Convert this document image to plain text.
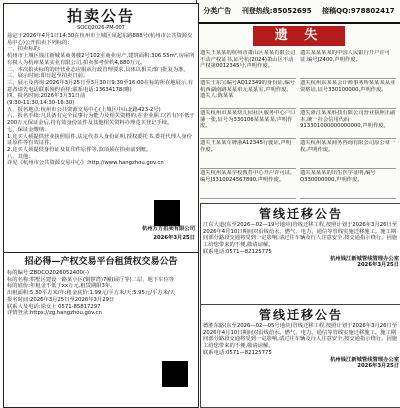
拍卖公告
SOCQ2026-PM-007

兹定于2026年4月1日14:30在杭州市上城区凤起东路888号(杭州市公共资源交易中心)公开拍卖下列标的:

一、拍卖标的:

杭州市上城区钱江新城某商务楼2号102室商业房产,建筑面积:306.55m²,房屋所有权人为杭州某某实业有限公司,拍卖参考价约4,880万元。

二、本次拍卖标的的经营业态应服从行政管理要求,具体以相关部门批复为准。

三、展示时间:即日起至拍卖日前。

三、展示及咨询:2026年3月25日至3月30日9:30至16:00在标的所在地展示,有意者请先电话联系预约看样;联系电话:13634178(略)

四、报名时间:2026年3月31日前

(9:30-11:30,14:30-16:30)

五、报名地点:杭州市公共资源交易中心(上城区中山北路423-2号)

六、报名手续:凡具备有完全民事行为能力及相关资格的,在企业职工(若有)不低于200万元保证金后,持有效身份证件及其他相关资料办理竞买登记手续。

七、保证金缴纳:

1.竞买人须提供营业执照原件,法定代表人身份证明,授权委托书,委托代理人身份证原件等有效证件。

2.竞买人须提供身份证及复印件原件等,款项须在拍卖前到账。

八、其他:

详见《杭州市公共资源交易中心》:http://www.hangzhou.gov.cn

杭州万方拍卖有限公司
2026年3月25日
招必得—产权交易平台租赁权交易公告
标的编号:ZBDCQ2026052400(-)

标的名称:拱墅区建设一路某小区(铜锣湾)7幢(展厅等)二层、地下车位等

标的底价:年租金不低于xx万元,租赁期限3年。

出租面积:5.30平方米/年;租金底价:1.99元/平方米/天;5.95元/平方米/天

报名时间:2026年3月25日至2026年3月29日

联系人及电话:徐女士 0571-85817297

详情登录:https://zg.hangzhou.gov.cn

分类广告 刊登热线:85052695 接稿QQ:978802417
遗 失
遗失王某某的杭州市萧山区某某有限公司不动产权证书,证号杭(2024)萧山区不动产权第0012345号,声明作废。
遗失王东宝编号AQ12349的身份证,编号杭西湖南路某某单元某某室,声明作废。遗失人:陈某某
遗失杭州市某某幼儿园社区服务中心户口簿一张,证号为330106某某某某,声明作废。
遗失王某某车牌浙A12345行驶证,声明作废。
遗失杭州某某学校教育中心开户许可证,编号J3310024567890,声明作废。
遗失某某某某的中国人民银行开户许可证,编号J2400,声明作废。
遗失杭州东某某会计师事务所某某某从业资格证,证号330100000,声明作废。
遗失浙江某某科技有限公司营业执照正副本,统一社会信用代码913301000000000000,声明作废。
遗失杭州某某商务咨询有限公司原公章一枚,声明作废。
遗失某某某的出生医学证明,编号Q330000000,声明作废。
管线迁移公告

江东大道(东至2026—02—19号地块)管线迁移工程,按照计划于2026年3月26日至2026年4月10日期间对沿线给水、燃气、电力、通信等管线实施迁移施工。施工期间部分路段交通将受到一定影响,请过往车辆及行人注意安全,按交通指示绕行。因施工给您带来的不便,敬请谅解。

联系电话:0571—82125775

杭州钱江新城管线管理办公室

2026年3月25日

管线迁移公告

德胜东路(东至2026—02—05号地块)管线迁移工程,按照计划于2026年3月26日至2026年4月10日期间对沿线给水、燃气、电力、通信等管线实施迁移施工。施工期间部分路段交通将受到一定影响,请过往车辆及行人注意安全,按交通指示绕行。因施工给您带来的不便,敬请谅解。

联系电话:0571—82125775

杭州钱江新城管线管理办公室

2026年3月25日
